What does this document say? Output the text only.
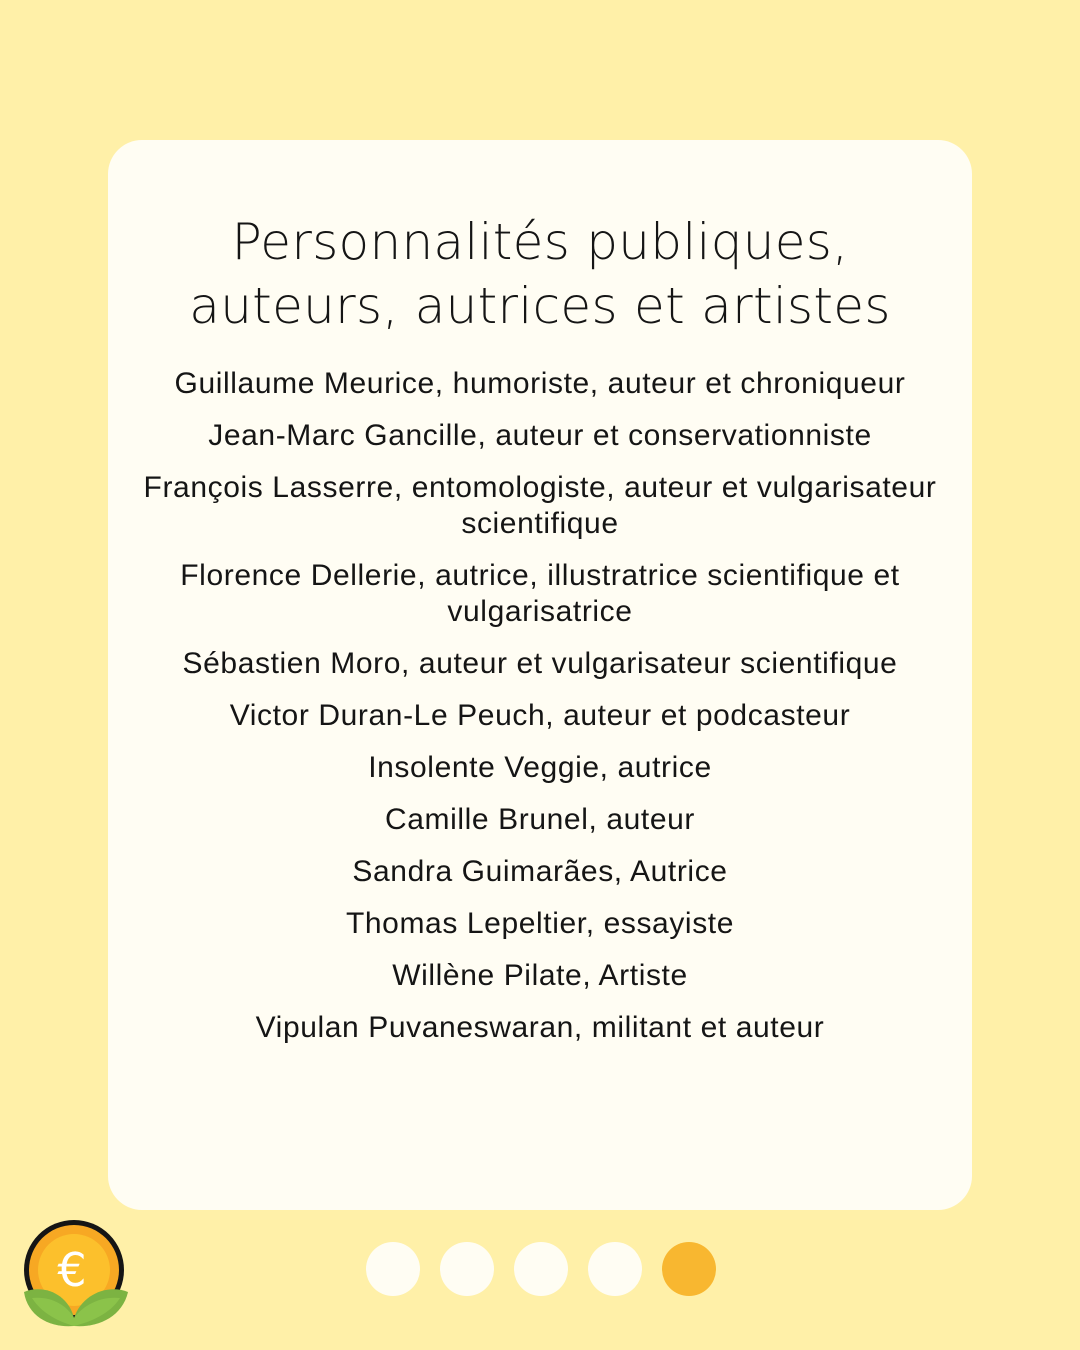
Personnalités publiques, auteurs, autrices et artistes
Guillaume Meurice, humoriste, auteur et chroniqueur
Jean-Marc Gancille, auteur et conservationniste
François Lasserre, entomologiste, auteur et vulgarisateur scientifique
Florence Dellerie, autrice, illustratrice scientifique et vulgarisatrice
Sébastien Moro, auteur et vulgarisateur scientifique
Victor Duran-Le Peuch, auteur et podcasteur
Insolente Veggie, autrice
Camille Brunel, auteur
Sandra Guimarães, Autrice
Thomas Lepeltier, essayiste
Willène Pilate, Artiste
Vipulan Puvaneswaran, militant et auteur
€
